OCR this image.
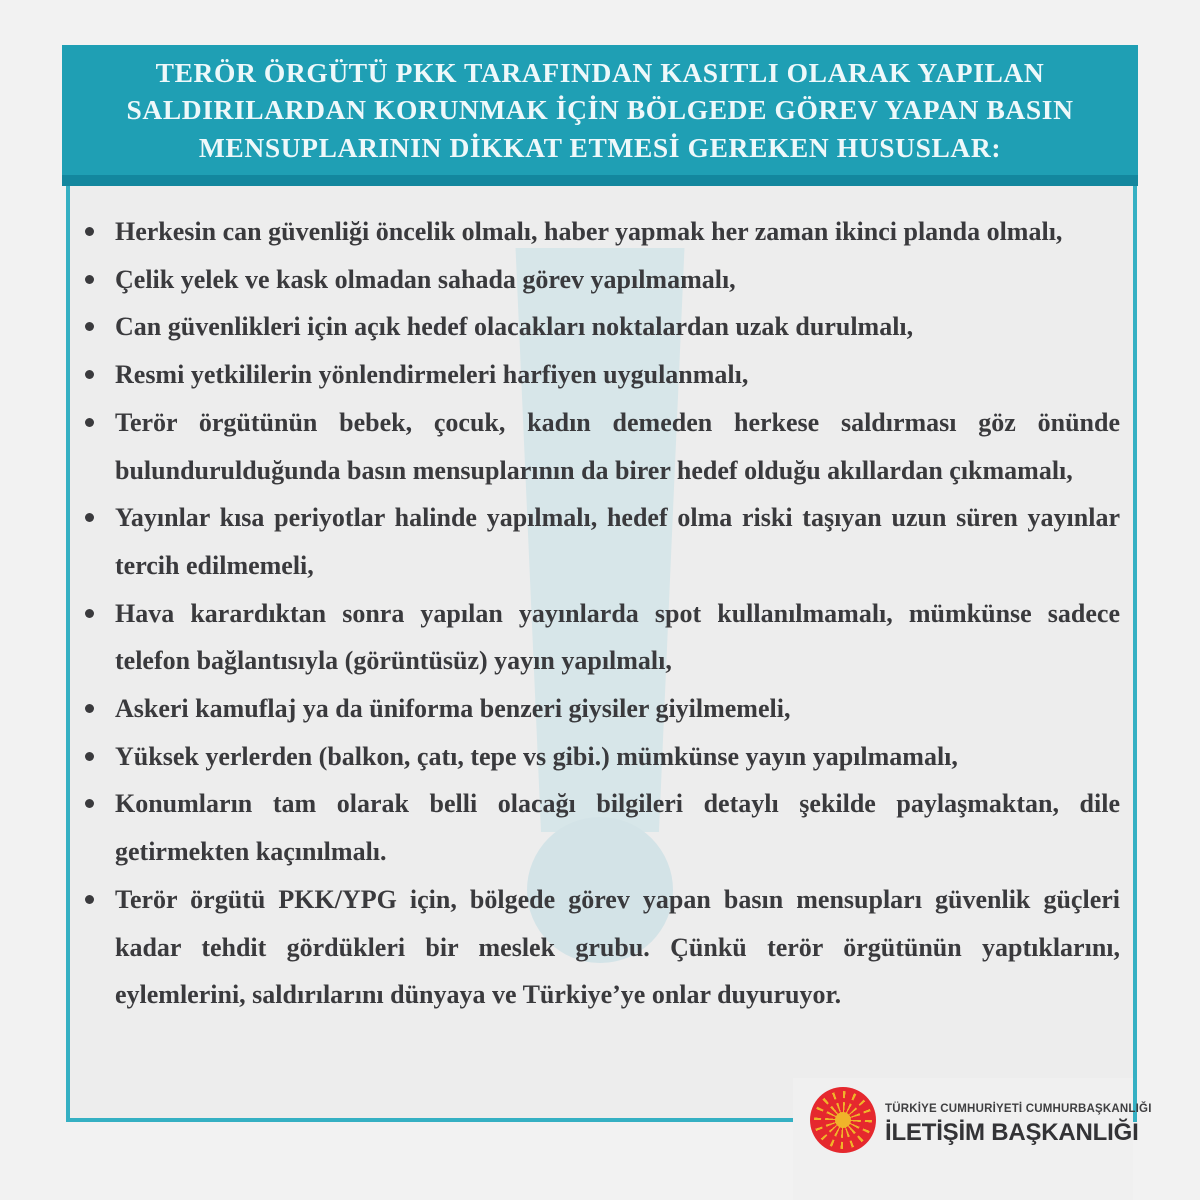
TERÖR ÖRGÜTÜ PKK TARAFINDAN KASITLI OLARAK YAPILAN
SALDIRILARDAN KORUNMAK İÇİN BÖLGEDE GÖREV YAPAN BASIN
MENSUPLARININ DİKKAT ETMESİ GEREKEN HUSUSLAR:
Herkesin can güvenliği öncelik olmalı, haber yapmak her zaman ikinci planda olmalı,
Çelik yelek ve kask olmadan sahada görev yapılmamalı,
Can güvenlikleri için açık hedef olacakları noktalardan uzak durulmalı,
Resmi yetkililerin yönlendirmeleri harfiyen uygulanmalı,
Terör örgütünün bebek, çocuk, kadın demeden herkese saldırması göz önünde
bulundurulduğunda basın mensuplarının da birer hedef olduğu akıllardan çıkmamalı,
Yayınlar kısa periyotlar halinde yapılmalı, hedef olma riski taşıyan uzun süren yayınlar
tercih edilmemeli,
Hava karardıktan sonra yapılan yayınlarda spot kullanılmamalı, mümkünse sadece
telefon bağlantısıyla (görüntüsüz) yayın yapılmalı,
Askeri kamuflaj ya da üniforma benzeri giysiler giyilmemeli,
Yüksek yerlerden (balkon, çatı, tepe vs gibi.) mümkünse yayın yapılmamalı,
Konumların tam olarak belli olacağı bilgileri detaylı şekilde paylaşmaktan, dile
getirmekten kaçınılmalı.
Terör örgütü PKK/YPG için, bölgede görev yapan basın mensupları güvenlik güçleri
kadar tehdit gördükleri bir meslek grubu. Çünkü terör örgütünün yaptıklarını,
eylemlerini, saldırılarını dünyaya ve Türkiye’ye onlar duyuruyor.
TÜRKİYE CUMHURİYETİ CUMHURBAŞKANLIĞI
İLETİŞİM BAŞKANLIĞI
